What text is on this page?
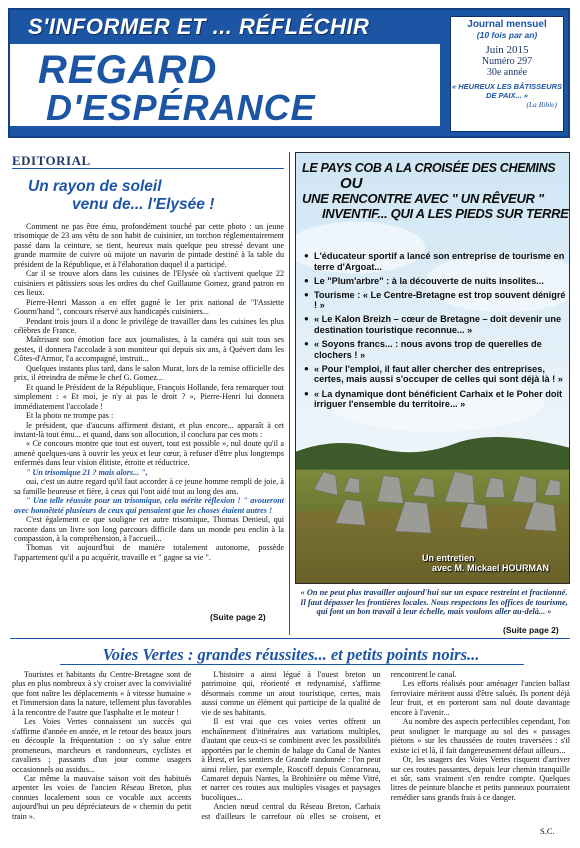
S'INFORMER ET ... RÉFLÉCHIR
REGARD
D'ESPÉRANCE
Journal mensuel
(10 fois par an)
Juin 2015
Numéro 297
30e année
« HEUREUX LES BÂTISSEURS DE PAIX... »
(La Bible)
EDITORIAL
Un rayon de soleil
venu de... l'Elysée !

Comment ne pas être ému, profondément touché par cette photo : un jeune trisomique de 23 ans vêtu de son habit de cuisinier, un torchon réglementairement passé dans la ceinture, se tient, heureux mais quelque peu stressé devant une grande marmite de cuivre où mijote un navarin de pintade destiné à la table du président de la République, et à l'élaboration duquel il a participé.

Car il se trouve alors dans les cuisines de l'Elysée où s'activent quelque 22 cuisiniers et pâtissiers sous les ordres du chef Guillaume Gomez, grand patron en ces lieux.

Pierre-Henri Masson a en effet gagné le 1er prix national de "l'Assiette Gourm'hand ", concours réservé aux handicapés cuisiniers...

Pendant trois jours il a donc le privilège de travailler dans les cuisines les plus célèbres de France.

Maîtrisant son émotion face aux journalistes, à la caméra qui suit tous ses gestes, il donnera l'accolade à son moniteur qui depuis six ans, à Quévert dans les Côtes-d'Armor, l'a accompagné, instruit...

Quelques instants plus tard, dans le salon Murat, lors de la remise officielle des prix, il étreindra de même le chef G. Gomez...

Et quand le Président de la République, François Hollande, fera remarquer tout simplement : « Et moi, je n'y ai pas le droit ? », Pierre-Henri lui donnera immédiatement l'accolade !

Et la photo ne trompe pas :

le président, que d'aucuns affirment distant, et plus encore... apparaît à cet instant-là tout ému... et quand, dans son allocution, il conclura par ces mots :

« Ce concours montre que tout est ouvert, tout est possible », nul doute qu'il a amené quelques-uns à ouvrir les yeux et leur cœur, à refuser d'être plus longtemps enfermés dans leur vision élitiste, étroite et réductrice.

" Un trisomique 21 ? mais alors... ",

oui, c'est un autre regard qu'il faut accorder à ce jeune homme rempli de joie, à sa famille heureuse et fière, à ceux qui l'ont aidé tout au long des ans.

" Une telle réussite pour un trisomique, cela mérite réflexion ! " avoueront avec honnêteté plusieurs de ceux qui pensaient que les choses étaient autres !

C'est également ce que souligne cet autre trisomique, Thomas Denieul, qui raconte dans un livre son long parcours difficile dans un monde peu enclin à la compassion, à la compréhension, à l'accueil...

Thomas vit aujourd'hui de manière totalement autonome, possède l'appartement qu'il a pu acquérir, travaille et " gagne sa vie ".

(Suite page 2)
LE PAYS COB A LA CROISÉE DES CHEMINS
OU
UNE RENCONTRE AVEC " UN RÊVEUR "
INVENTIF... QUI A LES PIEDS SUR TERRE
● L'éducateur sportif a lancé son entreprise de tourisme en terre d'Argoat...
● Le "Plum'arbre" : à la découverte de nuits insolites...
● Tourisme : « Le Centre-Bretagne est trop souvent dénigré ! »
● « Le Kalon Breizh – cœur de Bretagne – doit devenir une destination touristique reconnue... »
● « Soyons francs... : nous avons trop de querelles de clochers ! »
● « Pour l'emploi, il faut aller chercher des entreprises, certes, mais aussi s'occuper de celles qui sont déjà là ! »
● « La dynamique dont bénéficient Carhaix et le Poher doit irriguer l'ensemble du territoire... »
Un entretien
avec M. Mickael HOURMAN
« On ne peut plus travailler aujourd'hui sur un espace restreint et fractionné. Il faut dépasser les frontières locales. Nous respectons les offices de tourisme, qui font un bon travail à leur échelle, mais voulons aller au-delà... »
(Suite page 2)
Voies Vertes : grandes réussites... et petits points noirs...

Touristes et habitants du Centre-Bretagne sont de plus en plus nombreux à s'y croiser avec la convivialité que font naître les déplacements « à vitesse humaine » et l'immersion dans la nature, tellement plus favorables à la rencontre de l'autre que l'asphalte et le moteur !

Les Voies Vertes connaissent un succès qui s'affirme d'année en année, et le retour des beaux jours en découple la fréquentation : on s'y salue entre promeneurs, marcheurs et randonneurs, cyclistes et cavaliers ; passants d'un jour comme usagers occasionnels ou assidus...

Car même la mauvaise saison voit des habitués arpenter les voies de l'ancien Réseau Breton, plus connues localement sous ce vocable aux accents aujourd'hui un peu dépréciateurs de « chemin du petit train ».

L'histoire a ainsi légué à l'ouest breton un patrimoine qui, réorienté et redynamisé, s'affirme désormais comme un atout touristique, certes, mais aussi comme un élément qui participe de la qualité de vie de ses habitants.

Il est vrai que ces voies vertes offrent un enchaînement d'itinéraires aux variations multiples, d'autant que ceux-ci se combinent avec les possibilités apportées par le chemin de halage du Canal de Nantes à Brest, et les sentiers de Grande randonnée : l'on peut ainsi relier, par exemple, Roscoff depuis Concarneau, Camaret depuis Nantes, la Brohinière ou même Vitré, et narrer ces routes aux multiples visages et paysages bucoliques...

Ancien nœud central du Réseau Breton, Carhaix est d'ailleurs le carrefour où elles se croisent, et rencontrent le canal.

Les efforts réalisés pour aménager l'ancien ballast ferroviaire méritent aussi d'être salués. Ils portent déjà leur fruit, et en porteront sans nul doute davantage encore à l'avenir...

Au nombre des aspects perfectibles cependant, l'on peut souligner le marquage au sol des « passages piétons » sur les chaussées de routes traversées : s'il existe ici et là, il fait dangereusement défaut ailleurs...

Or, les usagers des Voies Vertes risquent d'arriver sur ces routes passantes, depuis leur chemin tranquille et sûr, sans vraiment s'en rendre compte. Quelques litres de peinture blanche et petits panneaux pourraient remédier sans grands frais à ce danger.

S.C.
